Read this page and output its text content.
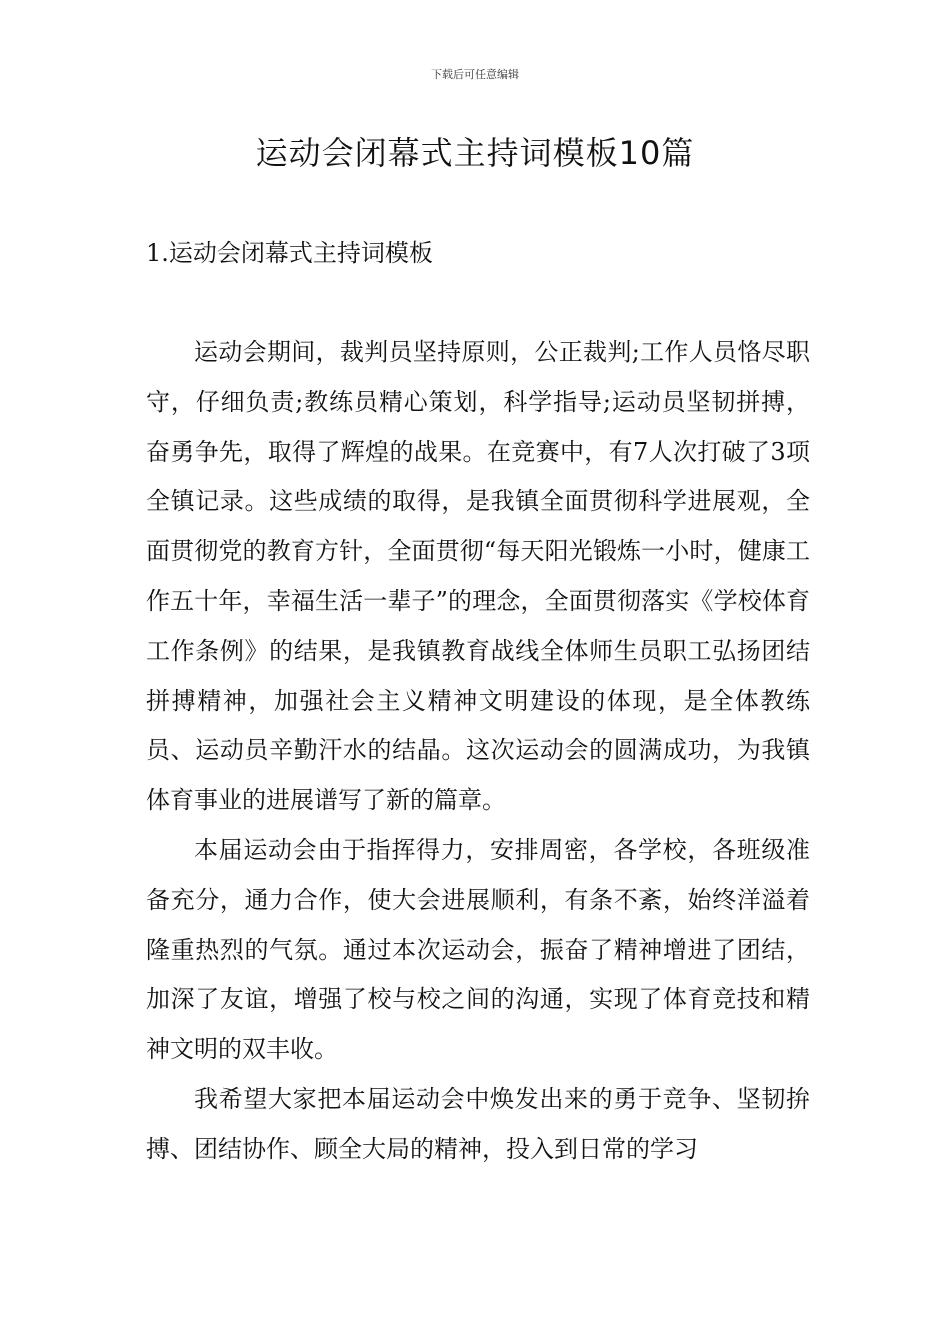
下载后可任意编辑
运动会闭幕式主持词模板10篇
1.运动会闭幕式主持词模板

运动会期间，裁判员坚持原则，公正裁判;工作人员恪尽职守，仔细负责;教练员精心策划，科学指导;运动员坚韧拼搏，奋勇争先，取得了辉煌的战果。在竞赛中，有7人次打破了3项全镇记录。这些成绩的取得，是我镇全面贯彻科学进展观，全面贯彻党的教育方针，全面贯彻“每天阳光锻炼一小时，健康工作五十年，幸福生活一辈子”的理念，全面贯彻落实《学校体育工作条例》的结果，是我镇教育战线全体师生员职工弘扬团结拼搏精神，加强社会主义精神文明建设的体现，是全体教练员、运动员辛勤汗水的结晶。这次运动会的圆满成功，为我镇体育事业的进展谱写了新的篇章。

本届运动会由于指挥得力，安排周密，各学校，各班级准备充分，通力合作，使大会进展顺利，有条不紊，始终洋溢着隆重热烈的气氛。通过本次运动会，振奋了精神增进了团结，加深了友谊，增强了校与校之间的沟通，实现了体育竞技和精神文明的双丰收。

我希望大家把本届运动会中焕发出来的勇于竞争、坚韧拚搏、团结协作、顾全大局的精神，投入到日常的学习
